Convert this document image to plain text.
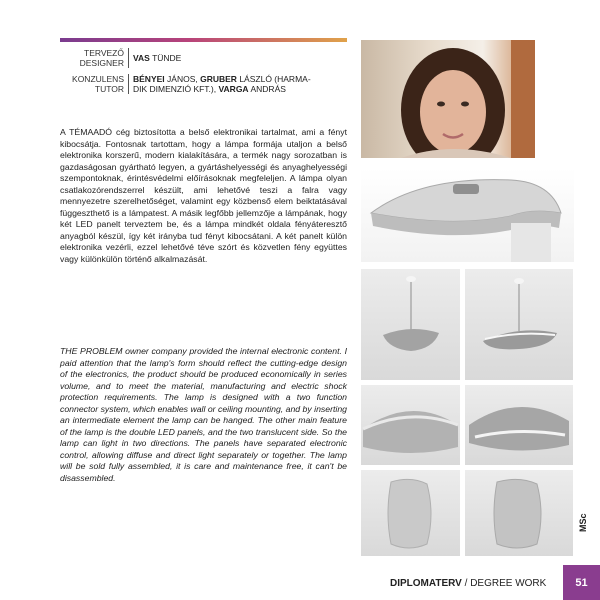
TERVEZŐ
DESIGNER	VAS TÜNDE
KONZULENS
TUTOR
BÉNYEI JÁNOS, GRUBER LÁSZLÓ (HARMA-
DIK DIMENZIÓ KFT.), VARGA ANDRÁS

A TÉMAADÓ cég biztosította a belső elektronikai tartalmat, ami a fényt kibocsátja. Fontosnak tartottam, hogy a lámpa formája utaljon a belső elektronika korszerű, modern kialakítására, a termék nagy sorozatban is gazdaságosan gyártható legyen, a gyártáshelyességi és anyaghelyességi szempontoknak, érintésvédelmi előírásoknak megfeleljen. A lámpa olyan csatlakozórendszerrel készült, ami lehetővé teszi a falra vagy mennyezetre szerelhetőséget, valamint egy közbenső elem beiktatásával függeszthető is a lámpatest. A másik legfőbb jellemzője a lámpának, hogy két LED panelt terveztem be, és a lámpa mindkét oldala fényáteresztő anyagból készül, így két irányba tud fényt kibocsátani. A két panelt külön elektronika vezérli, ezzel lehetővé téve szórt és közvetlen fény együttes vagy különkülön történő alkalmazását.

THE PROBLEM owner company provided the internal electronic content. I paid attention that the lamp's form should reflect the cutting-edge design of the electronics, the product should be produced economically in series volume, and to meet the material, manufacturing and electric shock protection requirements. The lamp is designed with a two function connector system, which enables wall or ceiling mounting, and by inserting an intermediate element the lamp can be hanged. The other main feature of the lamp is the double LED panels, and the two translucent side. So the lamp can light in two directions. The panels have separated electronic control, allowing diffuse and direct light separately or together. The lamp will be sold fully assembled, it is care and maintenance free, it can't be disassembled.

MSc
DIPLOMATERV / DEGREE WORK	51
